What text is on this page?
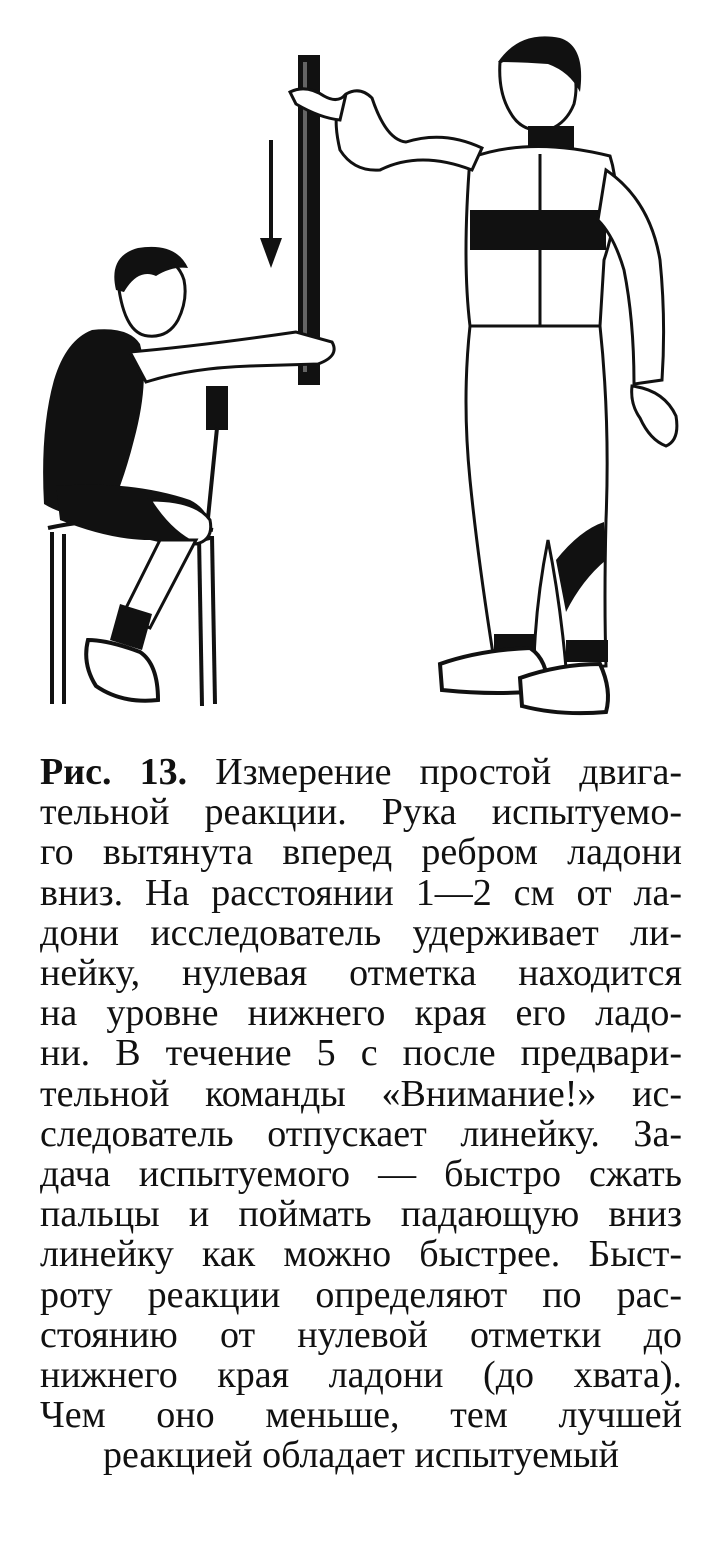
Рис. 13. Измерение простой двига-
тельной реакции. Рука испытуемо-
го вытянута вперед ребром ладони
вниз. На расстоянии 1—2 см от ла-
дони исследователь удерживает ли-
нейку, нулевая отметка находится
на уровне нижнего края его ладо-
ни. В течение 5 с после предвари-
тельной команды «Внимание!» ис-
следователь отпускает линейку. За-
дача испытуемого — быстро сжать
пальцы и поймать падающую вниз
линейку как можно быстрее. Быст-
роту реакции определяют по рас-
стоянию от нулевой отметки до
нижнего края ладони (до хвата).
Чем оно меньше, тем лучшей
реакцией обладает испытуемый
